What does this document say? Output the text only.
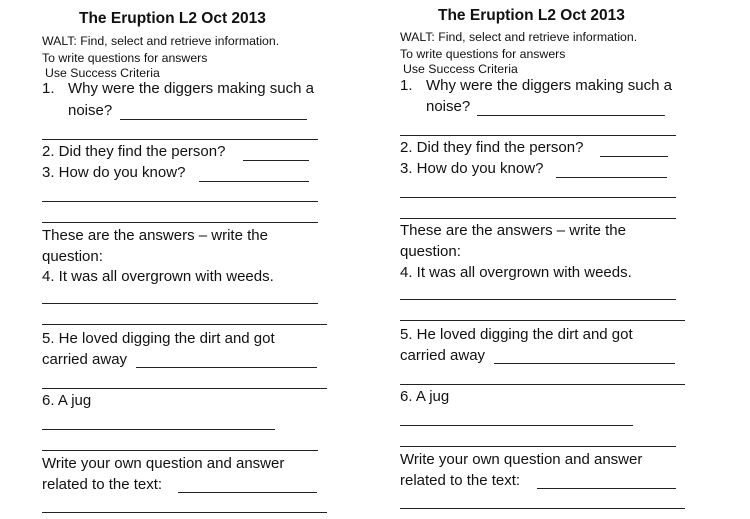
The Eruption L2 Oct 2013
WALT: Find, select and retrieve information.
To write questions for answers
Use Success Criteria
1. Why were the diggers making such a
noise?
2. Did they find the person?
3. How do you know?
These are the answers – write the
question:
4. It was all overgrown with weeds.
5. He loved digging the dirt and got
carried away
6. A jug
Write your own question and answer
related to the text:
The Eruption L2 Oct 2013
WALT: Find, select and retrieve information.
To write questions for answers
Use Success Criteria
1. Why were the diggers making such a
noise?
2. Did they find the person?
3. How do you know?
These are the answers – write the
question:
4. It was all overgrown with weeds.
5. He loved digging the dirt and got
carried away
6. A jug
Write your own question and answer
related to the text:
